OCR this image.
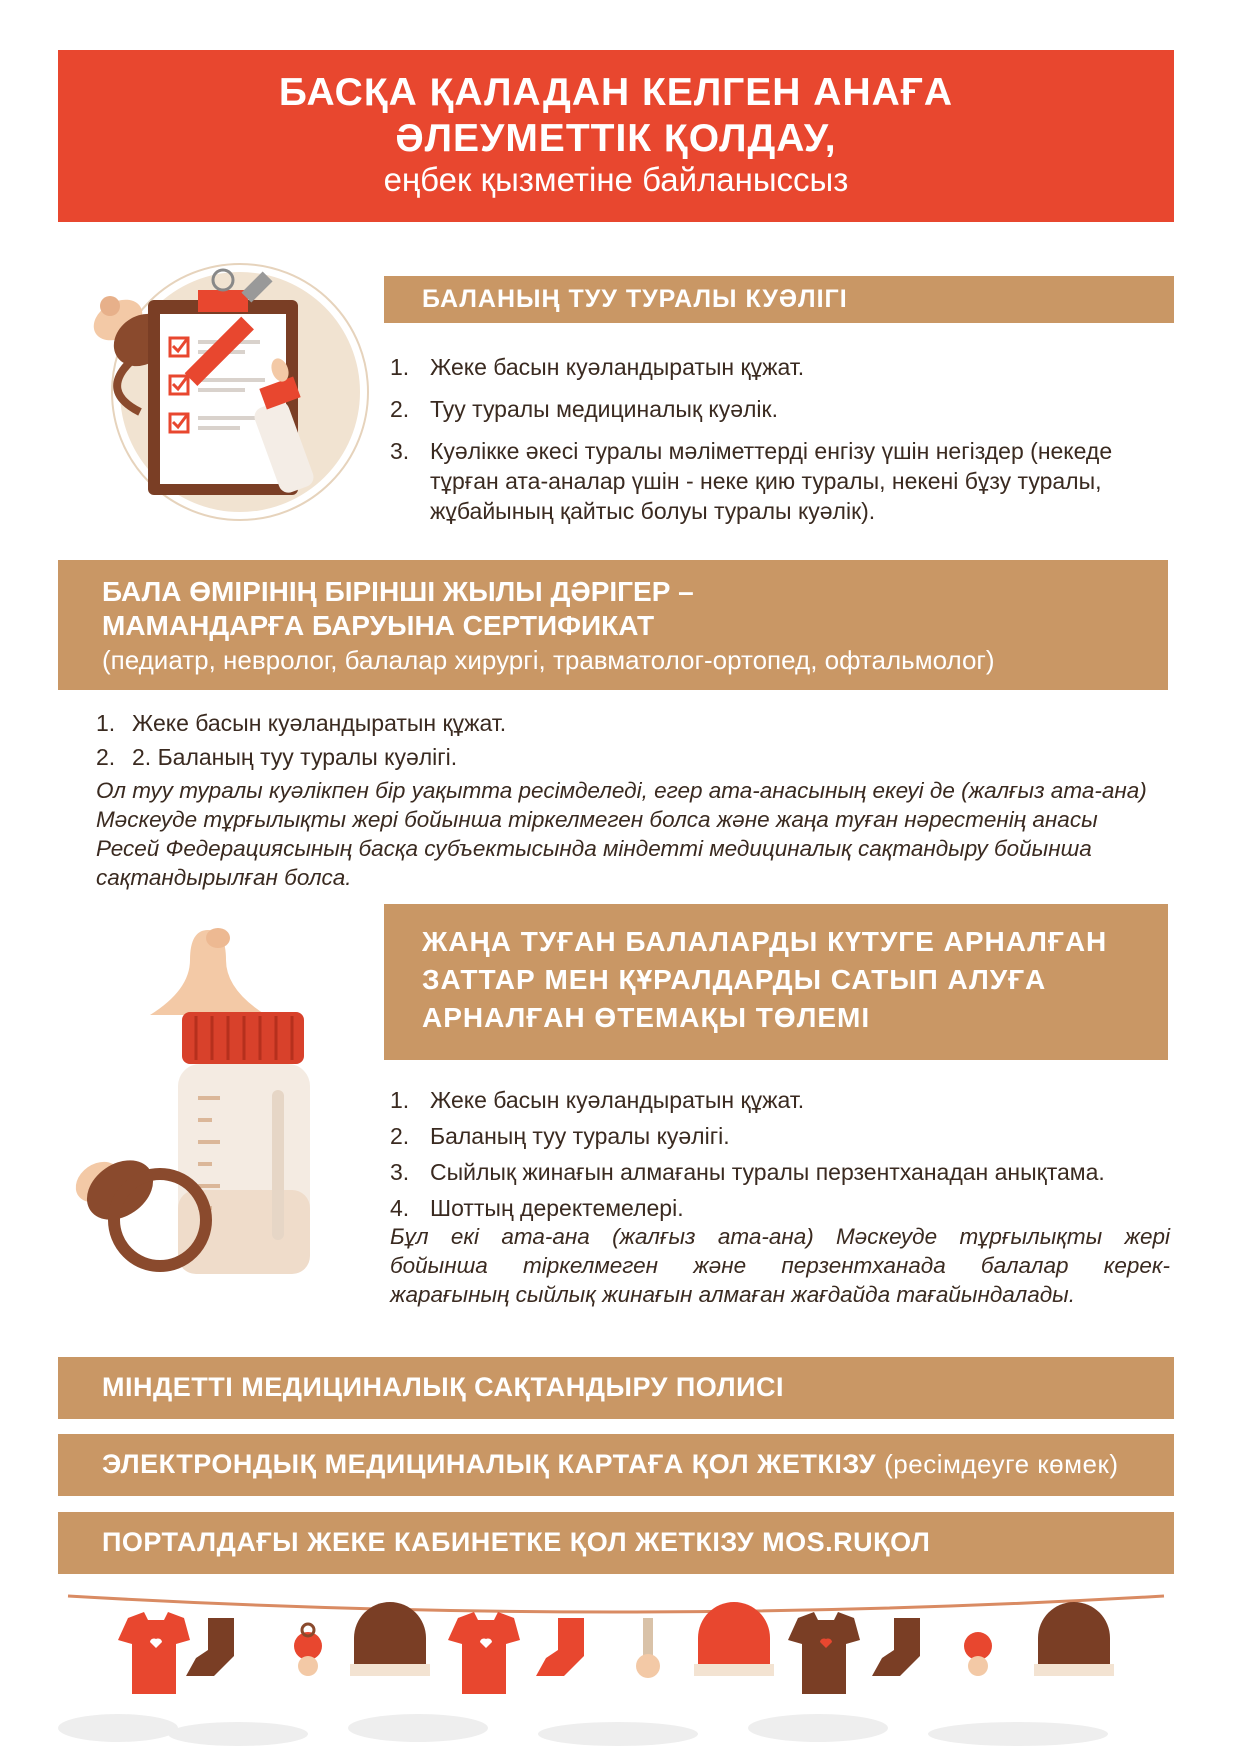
БАСҚА ҚАЛАДАН КЕЛГЕН АНАҒА
ӘЛЕУМЕТТІК ҚОЛДАУ,
еңбек қызметіне байланыссыз
БАЛАНЫҢ ТУУ ТУРАЛЫ КУӘЛІГІ
1. Жеке басын куәландыратын құжат.
2. Туу туралы медициналық куәлік.
3. Куәлікке әкесі туралы мәліметтерді енгізу үшін негіздер (некеде
тұрған ата-аналар үшін - неке қию туралы, некені бұзу туралы,
жұбайының қайтыс болуы туралы куәлік).
БАЛА ӨМІРІНІҢ БІРІНШІ ЖЫЛЫ ДӘРІГЕР –
МАМАНДАРҒА БАРУЫНА СЕРТИФИКАТ
(педиатр, невролог, балалар хирургі, травматолог-ортопед, офтальмолог)
1. Жеке басын куәландыратын құжат.
2. 2. Баланың туу туралы куәлігі.
Ол туу туралы куәлікпен бір уақытта ресімделеді, егер ата-анасының екеуі де (жалғыз ата-ана)
Мәскеуде тұрғылықты жері бойынша тіркелмеген болса және жаңа туған нәрестенің анасы
Ресей Федерациясының басқа субъектысында міндетті медициналық сақтандыру бойынша
сақтандырылған болса.
ЖАҢА ТУҒАН БАЛАЛАРДЫ КҮТУГЕ АРНАЛҒАН
ЗАТТАР МЕН ҚҰРАЛДАРДЫ САТЫП АЛУҒА
АРНАЛҒАН ӨТЕМАҚЫ ТӨЛЕМІ
1. Жеке басын куәландыратын құжат.
2. Баланың туу туралы куәлігі.
3. Сыйлық жинағын алмағаны туралы перзентханадан анықтама.
4. Шоттың деректемелері.
Бұл екі ата-ана (жалғыз ата-ана) Мәскеуде тұрғылықты жері
бойынша тіркелмеген және перзентханада балалар керек-
жарағының сыйлық жинағын алмаған жағдайда тағайындалады.
МІНДЕТТІ МЕДИЦИНАЛЫҚ САҚТАНДЫРУ ПОЛИСІ
ЭЛЕКТРОНДЫҚ МЕДИЦИНАЛЫҚ КАРТАҒА ҚОЛ ЖЕТКІЗУ (ресімдеуге көмек)
ПОРТАЛДАҒЫ ЖЕКЕ КАБИНЕТКЕ ҚОЛ ЖЕТКІЗУ MOS.RUҚОЛ
